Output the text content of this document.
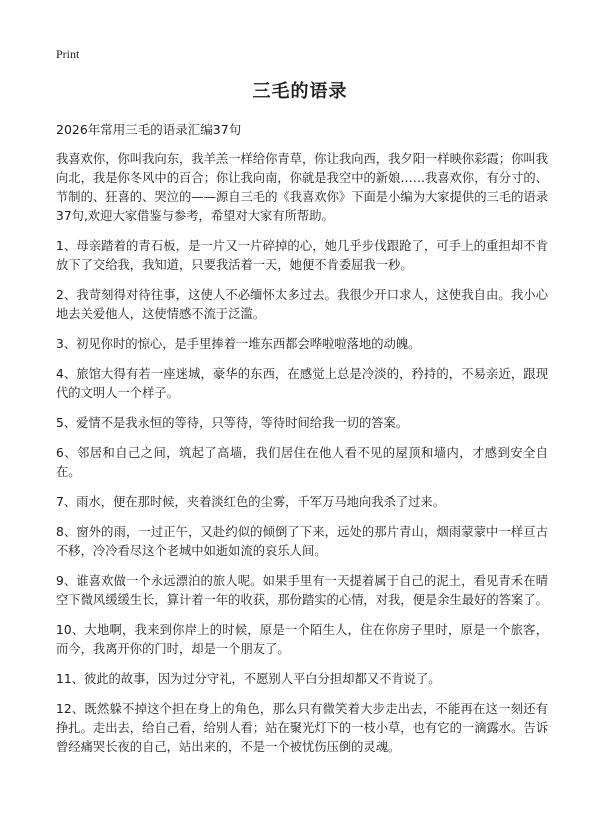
Print
三毛的语录
2026年常用三毛的语录汇编37句

我喜欢你，你叫我向东，我羊羔一样给你青草，你让我向西，我夕阳一样映你彩霞；你叫我向北，我是你冬风中的百合；你让我向南，你就是我空中的新娘……我喜欢你，有分寸的、节制的、狂喜的、哭泣的——源自三毛的《我喜欢你》下面是小编为大家提供的三毛的语录37句,欢迎大家借鉴与参考，希望对大家有所帮助。

1、母亲踏着的青石板，是一片又一片碎掉的心，她几乎步伐跟跄了，可手上的重担却不肯放下了交给我，我知道，只要我活着一天，她便不肯委屈我一秒。

2、我苛刻得对待往事，这使人不必缅怀太多过去。我很少开口求人，这使我自由。我小心地去关爱他人，这使情感不流于泛滥。

3、初见你时的惊心，是手里捧着一堆东西都会哗啦啦落地的动魄。

4、旅馆大得有若一座迷城，豪华的东西，在感觉上总是冷淡的，矜持的，不易亲近，跟现代的文明人一个样子。

5、爱情不是我永恒的等待，只等待，等待时间给我一切的答案。

6、邻居和自己之间，筑起了高墙，我们居住在他人看不见的屋顶和墙内，才感到安全自在。

7、雨水，便在那时候，夹着淡红色的尘雾，千军万马地向我杀了过来。

8、窗外的雨，一过正午，又赴约似的倾倒了下来，远处的那片青山，烟雨蒙蒙中一样亘古不移，冷冷看尽这个老城中如逝如流的哀乐人间。

9、谁喜欢做一个永远漂泊的旅人呢。如果手里有一天提着属于自己的泥土，看见青禾在晴空下微风缓缓生长，算计着一年的收获，那份踏实的心情，对我，便是余生最好的答案了。

10、大地啊，我来到你岸上的时候，原是一个陌生人，住在你房子里时，原是一个旅客，而今，我离开你的门时，却是一个朋友了。

11、彼此的故事，因为过分守礼，不愿别人平白分担却都又不肯说了。

12、既然躲不掉这个担在身上的角色，那么只有微笑着大步走出去，不能再在这一刻还有挣扎。走出去，给自己看，给别人看；站在聚光灯下的一枝小草，也有它的一滴露水。告诉曾经痛哭长夜的自己，站出来的，不是一个被忧伤压倒的灵魂。
